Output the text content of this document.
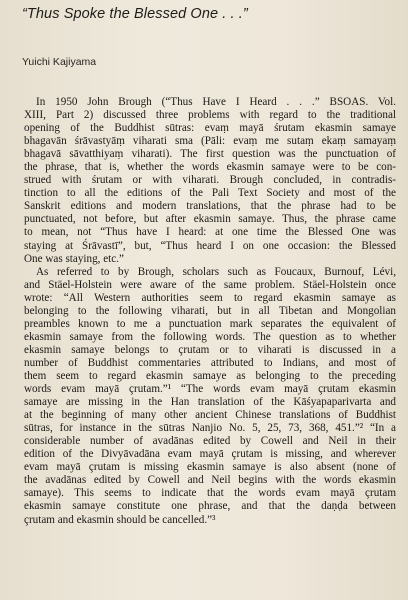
“Thus Spoke the Blessed One . . .”
Yuichi Kajiyama
In 1950 John Brough (“Thus Have I Heard . . .” BSOAS. Vol.
XIII, Part 2) discussed three problems with regard to the traditional
opening of the Buddhist sūtras: evaṃ mayā śrutam ekasmin samaye
bhagavān śrāvastyāṃ viharati sma (Pāli: evaṃ me sutaṃ ekaṃ samayaṃ
bhagavā sāvatthiyaṃ viharati). The first question was the punctuation of
the phrase, that is, whether the words ekasmin samaye were to be con-
strued with śrutam or with viharati. Brough concluded, in contradis-
tinction to all the editions of the Pali Text Society and most of the
Sanskrit editions and modern translations, that the phrase had to be
punctuated, not before, but after ekasmin samaye. Thus, the phrase came
to mean, not “Thus have I heard: at one time the Blessed One was
staying at Śrāvastī”, but, “Thus heard I on one occasion: the Blessed
One was staying, etc.”
As referred to by Brough, scholars such as Foucaux, Burnouf, Lévi,
and Stäel-Holstein were aware of the same problem. Stäel-Holstein once
wrote: “All Western authorities seem to regard ekasmin samaye as
belonging to the following viharati, but in all Tibetan and Mongolian
preambles known to me a punctuation mark separates the equivalent of
ekasmin samaye from the following words. The question as to whether
ekasmin samaye belongs to çrutam or to viharati is discussed in a
number of Buddhist commentaries attributed to Indians, and most of
them seem to regard ekasmin samaye as belonging to the preceding
words evam mayā çrutam.”¹ “The words evam mayā çrutam ekasmin
samaye are missing in the Han translation of the Kāśyapaparivarta and
at the beginning of many other ancient Chinese translations of Buddhist
sūtras, for instance in the sūtras Nanjio No. 5, 25, 73, 368, 451.”² “In a
considerable number of avadānas edited by Cowell and Neil in their
edition of the Divyāvadāna evam mayā çrutam is missing, and wherever
evam mayā çrutam is missing ekasmin samaye is also absent (none of
the avadānas edited by Cowell and Neil begins with the words ekasmin
samaye). This seems to indicate that the words evam mayā çrutam
ekasmin samaye constitute one phrase, and that the daṇḍa between
çrutam and ekasmin should be cancelled.”³
